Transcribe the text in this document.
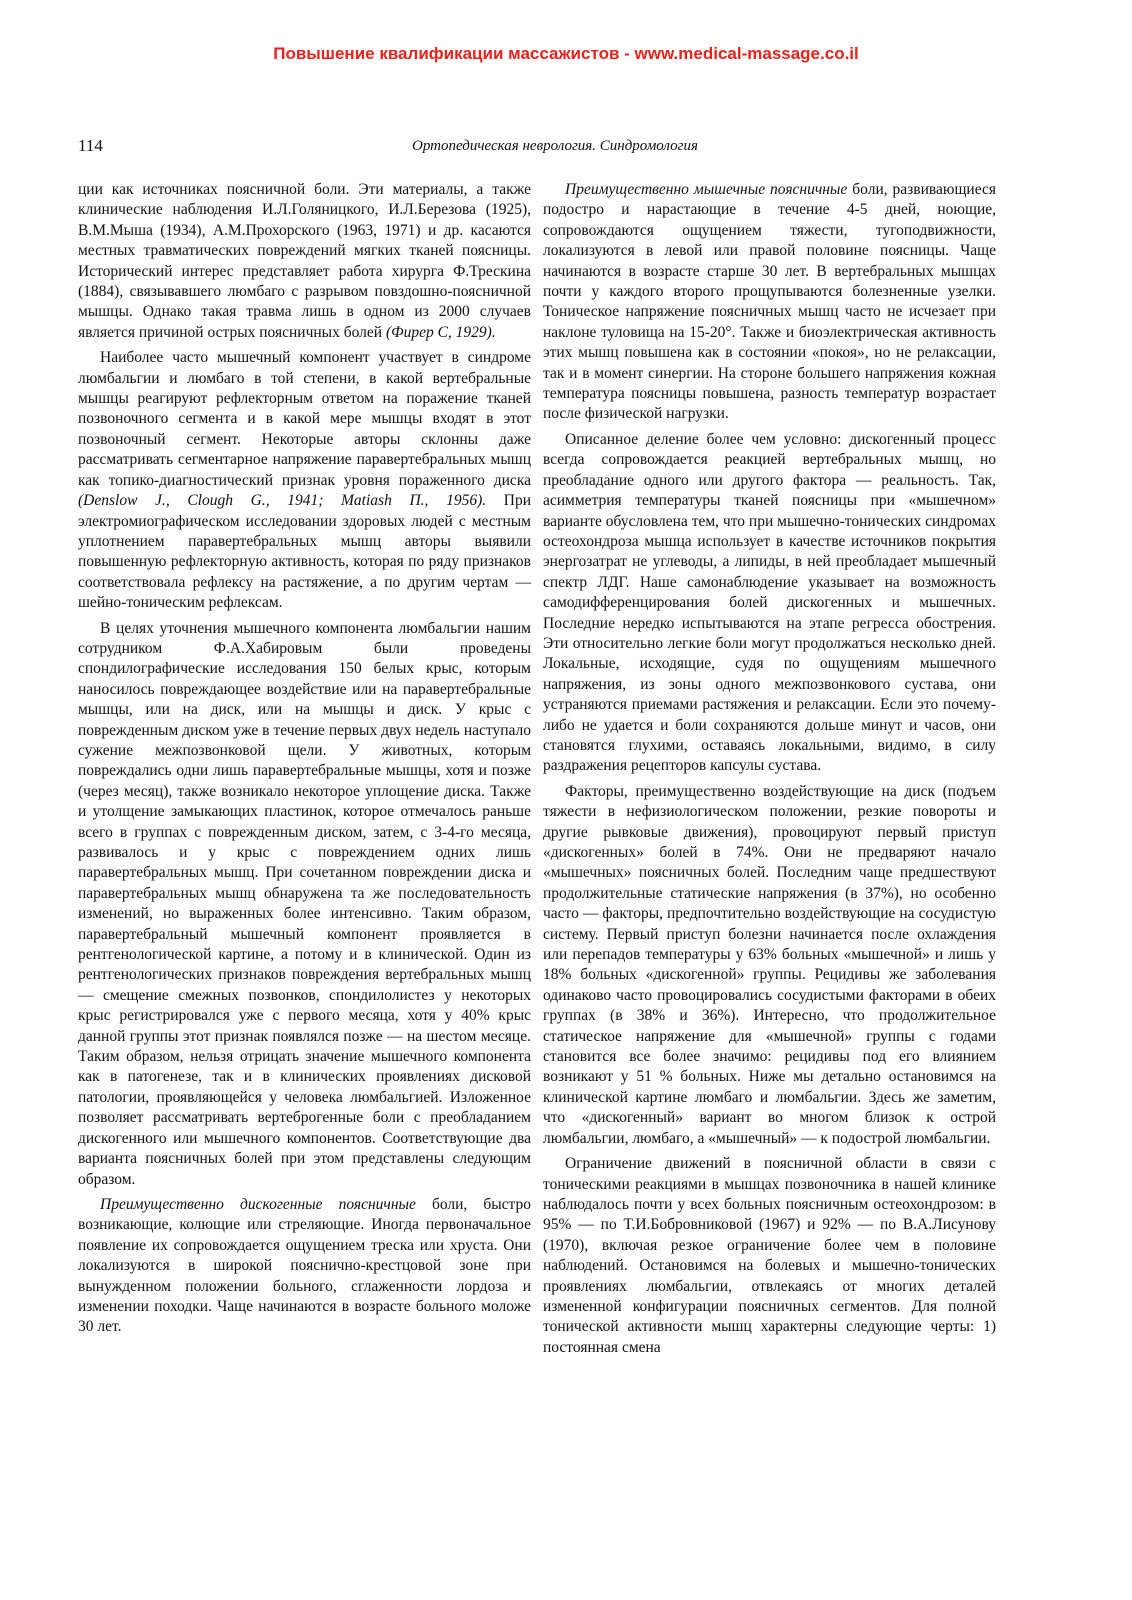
Повышение квалификации массажистов - www.medical-massage.co.il
114	Ортопедическая неврология. Синдромология

ции как источниках поясничной боли. Эти материалы, а также клинические наблюдения И.Л.Голяницкого, И.Л.Березова (1925), В.М.Мыша (1934), А.М.Прохорского (1963, 1971) и др. касаются местных травматических повреждений мягких тканей поясницы. Исторический интерес представляет работа хирурга Ф.Трескина (1884), связывавшего люмбаго с разрывом повздошно-поясничной мышцы. Однако такая травма лишь в одном из 2000 случаев является причиной острых поясничных болей (Фирер С, 1929).

Наиболее часто мышечный компонент участвует в синдроме люмбальгии и люмбаго в той степени, в какой вертебральные мышцы реагируют рефлекторным ответом на поражение тканей позвоночного сегмента и в какой мере мышцы входят в этот позвоночный сегмент. Некоторые авторы склонны даже рассматривать сегментарное напряжение паравертебральных мышц как топико-диагностический признак уровня пораженного диска (Denslow J., Clough G., 1941; Matiash П., 1956). При электромиографическом исследовании здоровых людей с местным уплотнением паравертебральных мышц авторы выявили повышенную рефлекторную активность, которая по ряду признаков соответствовала рефлексу на растяжение, а по другим чертам — шейно-тоническим рефлексам.

В целях уточнения мышечного компонента люмбальгии нашим сотрудником Ф.А.Хабировым были проведены спондилографические исследования 150 белых крыс, которым наносилось повреждающее воздействие или на паравертебральные мышцы, или на диск, или на мышцы и диск. У крыс с поврежденным диском уже в течение первых двух недель наступало сужение межпозвонковой щели. У животных, которым повреждались одни лишь паравертебральные мышцы, хотя и позже (через месяц), также возникало некоторое уплощение диска. Также и утолщение замыкающих пластинок, которое отмечалось раньше всего в группах с поврежденным диском, затем, с 3-4-го месяца, развивалось и у крыс с повреждением одних лишь паравертебральных мышц. При сочетанном повреждении диска и паравертебральных мышц обнаружена та же последовательность изменений, но выраженных более интенсивно. Таким образом, паравертебральный мышечный компонент проявляется в рентгенологической картине, а потому и в клинической. Один из рентгенологических признаков повреждения вертебральных мышц — смещение смежных позвонков, спондилолистез у некоторых крыс регистрировался уже с первого месяца, хотя у 40% крыс данной группы этот признак появлялся позже — на шестом месяце. Таким образом, нельзя отрицать значение мышечного компонента как в патогенезе, так и в клинических проявлениях дисковой патологии, проявляющейся у человека люмбальгией. Изложенное позволяет рассматривать вертеброгенные боли с преобладанием дискогенного или мышечного компонентов. Соответствующие два варианта поясничных болей при этом представлены следующим образом.

Преимущественно дискогенные поясничные боли, быстро возникающие, колющие или стреляющие. Иногда первоначальное появление их сопровождается ощущением треска или хруста. Они локализуются в широкой пояснично-крестцовой зоне при вынужденном положении больного, сглаженности лордоза и изменении походки. Чаще начинаются в возрасте больного моложе 30 лет.

Преимущественно мышечные поясничные боли, развивающиеся подостро и нарастающие в течение 4-5 дней, ноющие, сопровождаются ощущением тяжести, тугоподвижности, локализуются в левой или правой половине поясницы. Чаще начинаются в возрасте старше 30 лет. В вертебральных мышцах почти у каждого второго прощупываются болезненные узелки. Тоническое напряжение поясничных мышц часто не исчезает при наклоне туловища на 15-20°. Также и биоэлектрическая активность этих мышц повышена как в состоянии «покоя», но не релаксации, так и в момент синергии. На стороне большего напряжения кожная температура поясницы повышена, разность температур возрастает после физической нагрузки.

Описанное деление более чем условно: дискогенный процесс всегда сопровождается реакцией вертебральных мышц, но преобладание одного или другого фактора — реальность. Так, асимметрия температуры тканей поясницы при «мышечном» варианте обусловлена тем, что при мышечно-тонических синдромах остеохондроза мышца использует в качестве источников покрытия энергозатрат не углеводы, а липиды, в ней преобладает мышечный спектр ЛДГ. Наше самонаблюдение указывает на возможность самодифференцирования болей дискогенных и мышечных. Последние нередко испытываются на этапе регресса обострения. Эти относительно легкие боли могут продолжаться несколько дней. Локальные, исходящие, судя по ощущениям мышечного напряжения, из зоны одного межпозвонкового сустава, они устраняются приемами растяжения и релаксации. Если это почему-либо не удается и боли сохраняются дольше минут и часов, они становятся глухими, оставаясь локальными, видимо, в силу раздражения рецепторов капсулы сустава.

Факторы, преимущественно воздействующие на диск (подъем тяжести в нефизиологическом положении, резкие повороты и другие рывковые движения), провоцируют первый приступ «дискогенных» болей в 74%. Они не предваряют начало «мышечных» поясничных болей. Последним чаще предшествуют продолжительные статические напряжения (в 37%), но особенно часто — факторы, предпочтительно воздействующие на сосудистую систему. Первый приступ болезни начинается после охлаждения или перепадов температуры у 63% больных «мышечной» и лишь у 18% больных «дискогенной» группы. Рецидивы же заболевания одинаково часто провоцировались сосудистыми факторами в обеих группах (в 38% и 36%). Интересно, что продолжительное статическое напряжение для «мышечной» группы с годами становится все более значимо: рецидивы под его влиянием возникают у 51 % больных. Ниже мы детально остановимся на клинической картине люмбаго и люмбальгии. Здесь же заметим, что «дискогенный» вариант во многом близок к острой люмбальгии, люмбаго, а «мышечный» — к подострой люмбальгии.

Ограничение движений в поясничной области в связи с тоническими реакциями в мышцах позвоночника в нашей клинике наблюдалось почти у всех больных поясничным остеохондрозом: в 95% — по Т.И.Бобровниковой (1967) и 92% — по В.А.Лисунову (1970), включая резкое ограничение более чем в половине наблюдений. Остановимся на болевых и мышечно-тонических проявлениях люмбальгии, отвлекаясь от многих деталей измененной конфигурации поясничных сегментов. Для полной тонической активности мышц характерны следующие черты: 1) постоянная смена
